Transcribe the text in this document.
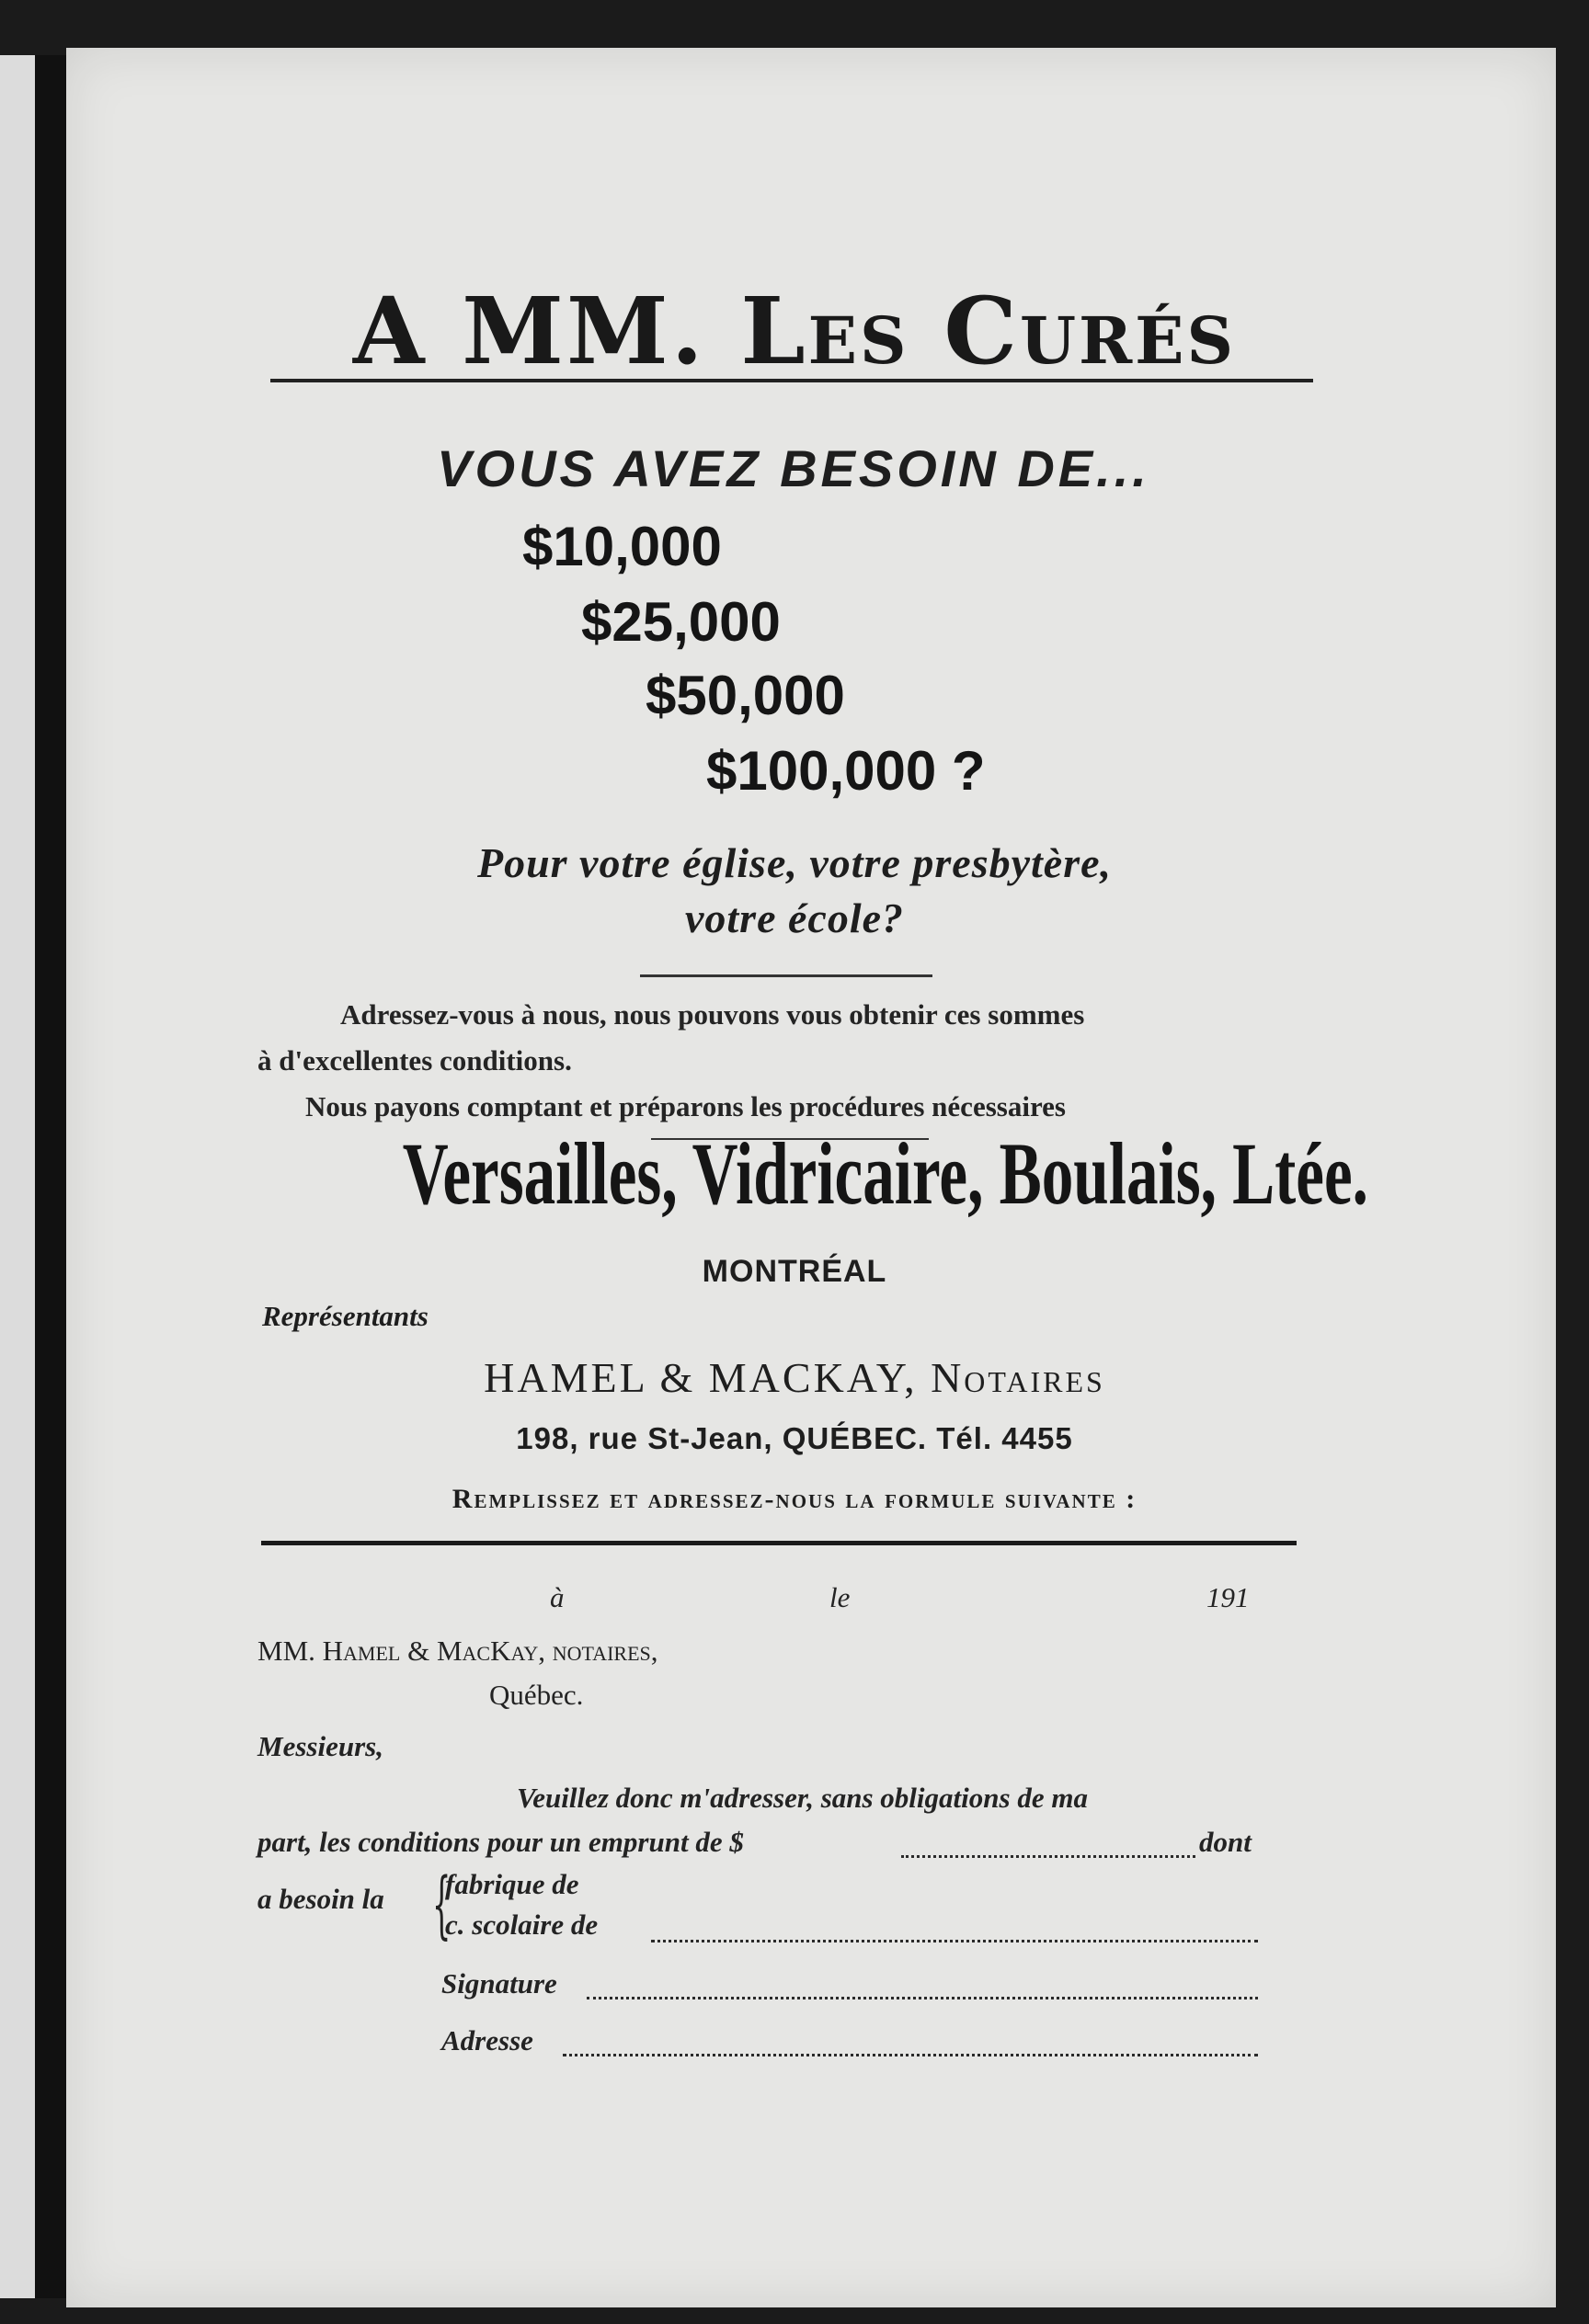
A MM. Les Curés
VOUS AVEZ BESOIN DE...
$10,000
$25,000
$50,000
$100,000 ?
Pour votre église, votre presbytère,
votre école?
Adressez-vous à nous, nous pouvons vous obtenir ces sommes
à d'excellentes conditions.
Nous payons comptant et préparons les procédures nécessaires
Versailles, Vidricaire, Boulais, Ltée.
MONTRÉAL
Représentants
HAMEL & MACKAY, Notaires
198, rue St-Jean, QUÉBEC. Tél. 4455
Remplissez et adressez-nous la formule suivante :
à	le	191
MM. Hamel & MacKay, notaires,
Québec.
Messieurs,
Veuillez donc m'adresser, sans obligations de ma
part, les conditions pour un emprunt de $	dont
a besoin la {
fabrique de
c. scolaire de
Signature
Adresse
